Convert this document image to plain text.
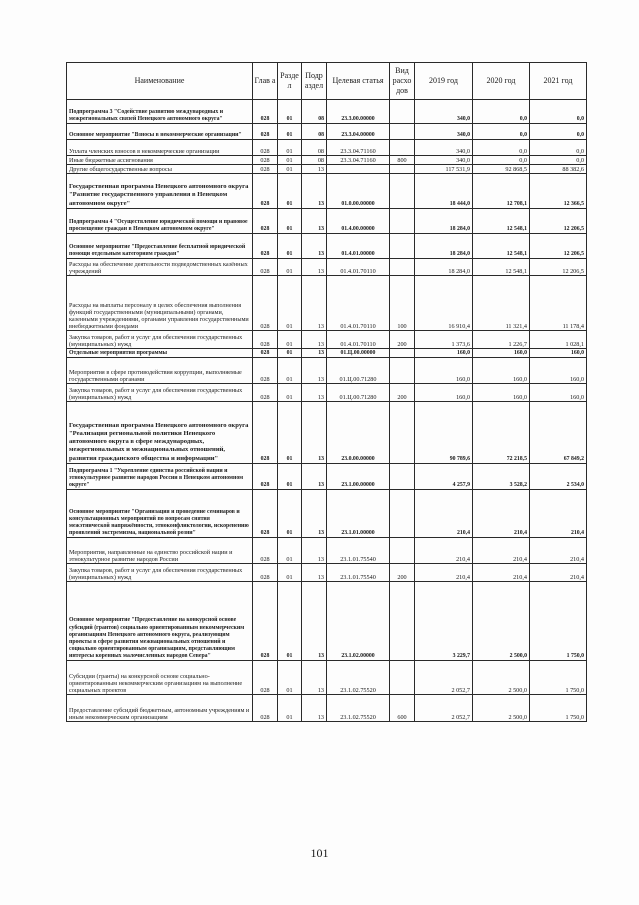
Наименование	Глав а	Разде л	Подр аздел	Целевая статья	Вид расхо дов	2019 год	2020 год	2021 год
Подпрограмма 3 "Содействие развитию международных и межрегиональных связей Ненецкого автономного округа"	028	01	08	23.3.00.00000		340,0	0,0	0,0
Основное мероприятие "Взносы в некоммерческие организации"	028	01	08	23.3.04.00000		340,0	0,0	0,0
Уплата членских взносов в некоммерческие организации	028	01	08	23.3.04.71160		340,0	0,0	0,0
Иные бюджетные ассигнования	028	01	08	23.3.04.71160	800	340,0	0,0	0,0
Другие общегосударственные вопросы	028	01	13			117 531,9	92 868,5	88 382,6
Государственная программа Ненецкого автономного округа "Развитие государственного управления в Ненецком автономном округе"	028	01	13	01.0.00.00000		18 444,0	12 708,1	12 366,5
Подпрограмма 4 "Осуществление юридической помощи и правовое просвещение граждан в Ненецком автономном округе"	028	01	13	01.4.00.00000		18 284,0	12 548,1	12 206,5
Основное мероприятие "Предоставление бесплатной юридической помощи отдельным категориям граждан"	028	01	13	01.4.01.00000		18 284,0	12 548,1	12 206,5
Расходы на обеспечение деятельности подведомственных казённых учреждений	028	01	13	01.4.01.70110		18 284,0	12 548,1	12 206,5
Расходы на выплаты персоналу в целях обеспечения выполнения функций государственными (муниципальными) органами, казенными учреждениями, органами управления государственными внебюджетными фондами	028	01	13	01.4.01.70110	100	16 910,4	11 321,4	11 178,4
Закупка товаров, работ и услуг для обеспечения государственных (муниципальных) нужд	028	01	13	01.4.01.70110	200	1 373,6	1 226,7	1 028,1
Отдельные мероприятия программы	028	01	13	01.Ц.00.00000		160,0	160,0	160,0
Мероприятия в сфере противодействия коррупции, выполняемые государственными органами	028	01	13	01.Ц.00.71280		160,0	160,0	160,0
Закупка товаров, работ и услуг для обеспечения государственных (муниципальных) нужд	028	01	13	01.Ц.00.71280	200	160,0	160,0	160,0
Государственная программа Ненецкого автономного округа "Реализация региональной политики Ненецкого автономного округа в сфере международных, межрегиональных и межнациональных отношений, развития гражданского общества и информации"	028	01	13	23.0.00.00000		90 789,6	72 218,5	67 849,2
Подпрограмма 1 "Укрепление единства российской нации и этнокультурное развитие народов России в Ненецком автономном округе"	028	01	13	23.1.00.00000		4 257,9	3 528,2	2 534,0
Основное мероприятие "Организация и проведение семинаров и консультационных мероприятий по вопросам снятия межэтнической напряжённости, этноконфликтологии, искоренению проявлений экстремизма, национальной розни"	028	01	13	23.1.01.00000		210,4	210,4	210,4
Мероприятия, направленные на единство российской нации и этнокультурное развитие народов России	028	01	13	23.1.01.75540		210,4	210,4	210,4
Закупка товаров, работ и услуг для обеспечения государственных (муниципальных) нужд	028	01	13	23.1.01.75540	200	210,4	210,4	210,4
Основное мероприятие "Предоставление на конкурсной основе субсидий (грантов) социально ориентированным некоммерческим организациям Ненецкого автономного округа, реализующим проекты в сфере развития межнациональных отношений и социально ориентированным организациям, представляющим интересы коренных малочисленных народов Севера"	028	01	13	23.1.02.00000		3 229,7	2 500,0	1 750,0
Субсидии (гранты) на конкурсной основе социально-ориентированным некоммерческим организациям на выполнение социальных проектов	028	01	13	23.1.02.75520		2 052,7	2 500,0	1 750,0
Предоставление субсидий бюджетным, автономным учреждениям и иным некоммерческим организациям	028	01	13	23.1.02.75520	600	2 052,7	2 500,0	1 750,0
101
